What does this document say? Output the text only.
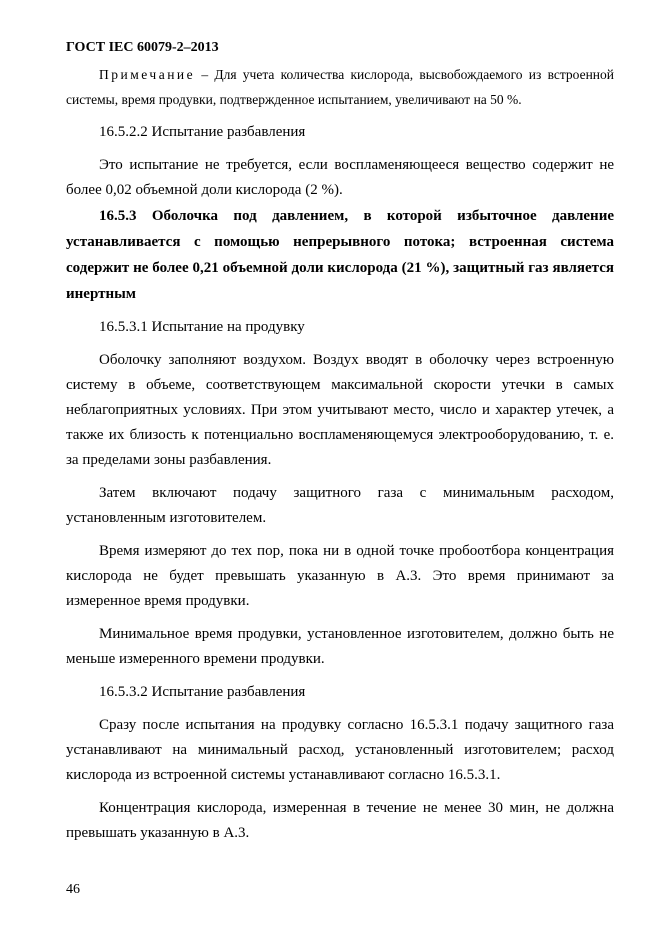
ГОСТ IEC 60079-2–2013

Примечание – Для учета количества кислорода, высвобождаемого из встроенной системы, время продувки, подтвержденное испытанием, увеличивают на 50 %.

16.5.2.2 Испытание разбавления

Это испытание не требуется, если воспламеняющееся вещество содержит не более 0,02 объемной доли кислорода (2 %).

16.5.3 Оболочка под давлением, в которой избыточное давление устанавливается с помощью непрерывного потока; встроенная система содержит не более 0,21 объемной доли кислорода (21 %), защитный газ является инертным

16.5.3.1 Испытание на продувку

Оболочку заполняют воздухом. Воздух вводят в оболочку через встроенную систему в объеме, соответствующем максимальной скорости утечки в самых неблагоприятных условиях. При этом учитывают место, число и характер утечек, а также их близость к потенциально воспламеняющемуся электрооборудованию, т. е. за пределами зоны разбавления.

Затем включают подачу защитного газа с минимальным расходом, установленным изготовителем.

Время измеряют до тех пор, пока ни в одной точке пробоотбора концентрация кислорода не будет превышать указанную в А.3. Это время принимают за измеренное время продувки.

Минимальное время продувки, установленное изготовителем, должно быть не меньше измеренного времени продувки.

16.5.3.2 Испытание разбавления

Сразу после испытания на продувку согласно 16.5.3.1 подачу защитного газа устанавливают на минимальный расход, установленный изготовителем; расход кислорода из встроенной системы устанавливают согласно 16.5.3.1.

Концентрация кислорода, измеренная в течение не менее 30 мин, не должна превышать указанную в А.3.

46
